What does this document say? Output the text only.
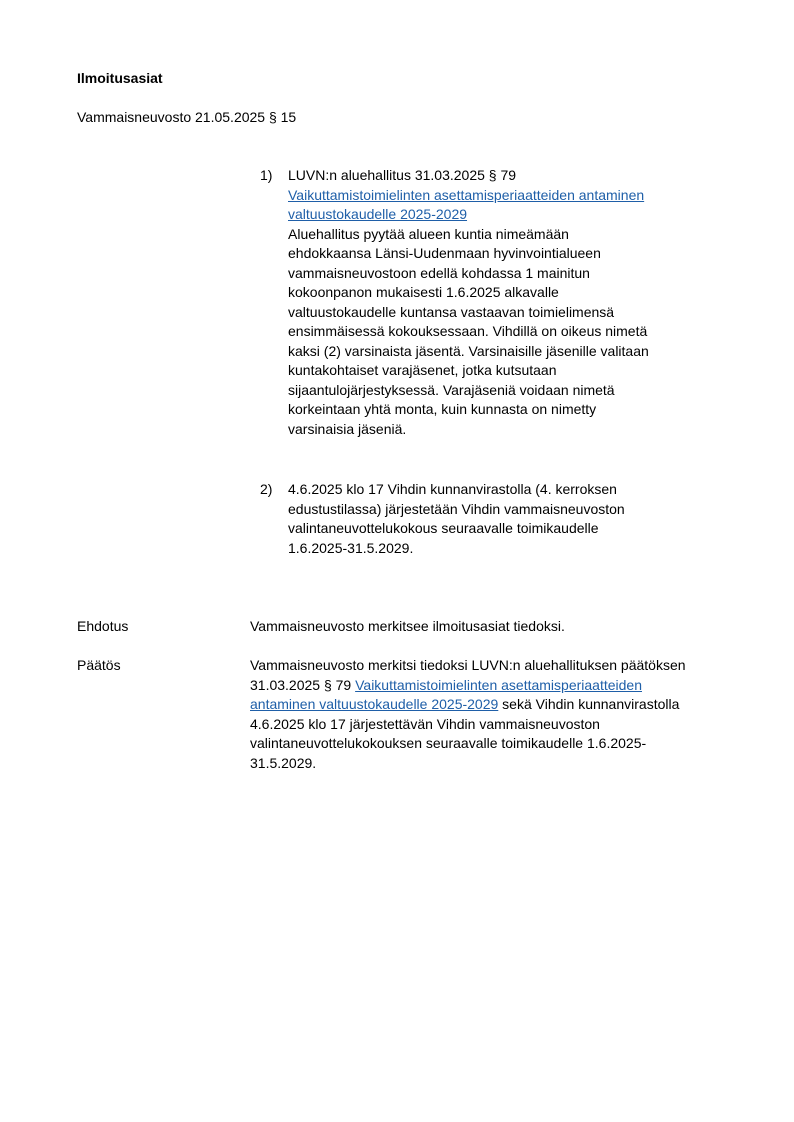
Ilmoitusasiat
Vammaisneuvosto 21.05.2025 § 15
1)	LUVN:n aluehallitus 31.03.2025 § 79
Vaikuttamistoimielinten asettamisperiaatteiden antaminen
valtuustokaudelle 2025-2029
Aluehallitus pyytää alueen kuntia nimeämään
ehdokkaansa Länsi-Uudenmaan hyvinvointialueen
vammaisneuvostoon edellä kohdassa 1 mainitun
kokoonpanon mukaisesti 1.6.2025 alkavalle
valtuustokaudelle kuntansa vastaavan toimielimensä
ensimmäisessä kokouksessaan. Vihdillä on oikeus nimetä
kaksi (2) varsinaista jäsentä. Varsinaisille jäsenille valitaan
kuntakohtaiset varajäsenet, jotka kutsutaan
sijaantulojärjestyksessä. Varajäseniä voidaan nimetä
korkeintaan yhtä monta, kuin kunnasta on nimetty
varsinaisia jäseniä.
2)	4.6.2025 klo 17 Vihdin kunnanvirastolla (4. kerroksen
edustustilassa) järjestetään Vihdin vammaisneuvoston
valintaneuvottelukokous seuraavalle toimikaudelle
1.6.2025-31.5.2029.
Ehdotus	Vammaisneuvosto merkitsee ilmoitusasiat tiedoksi.
Päätös	Vammaisneuvosto merkitsi tiedoksi LUVN:n aluehallituksen päätöksen
31.03.2025 § 79 Vaikuttamistoimielinten asettamisperiaatteiden
antaminen valtuustokaudelle 2025-2029 sekä Vihdin kunnanvirastolla
4.6.2025 klo 17 järjestettävän Vihdin vammaisneuvoston
valintaneuvottelukokouksen seuraavalle toimikaudelle 1.6.2025-
31.5.2029.
